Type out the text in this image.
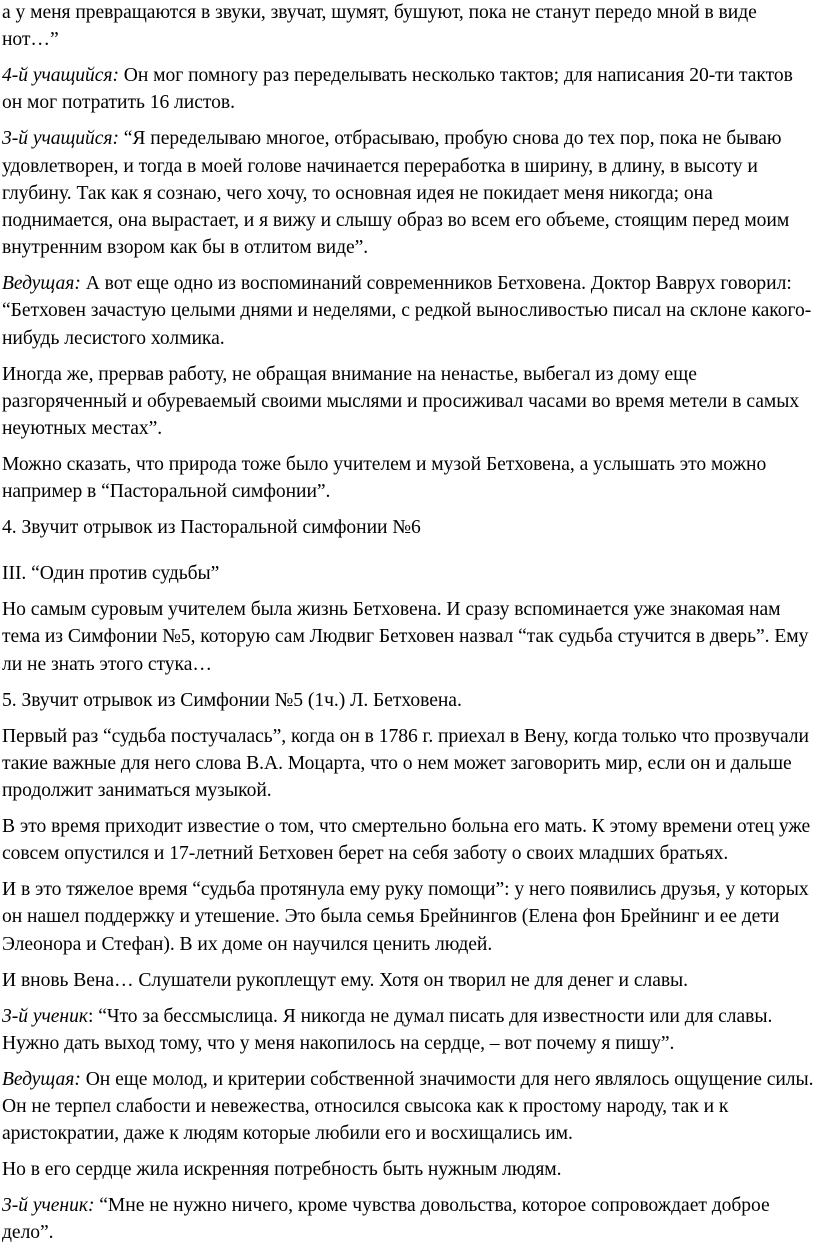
а у меня превращаются в звуки, звучат, шумят, бушуют, пока не станут передо мной в виде нот…”

4-й учащийся: Он мог помногу раз переделывать несколько тактов; для написания 20-ти тактов он мог потратить 16 листов.

3-й учащийся: “Я переделываю многое, отбрасываю, пробую снова до тех пор, пока не бываю удовлетворен, и тогда в моей голове начинается переработка в ширину, в длину, в высоту и глубину. Так как я сознаю, чего хочу, то основная идея не покидает меня никогда; она поднимается, она вырастает, и я вижу и слышу образ во всем его объеме, стоящим перед моим внутренним взором как бы в отлитом виде”.

Ведущая: А вот еще одно из воспоминаний современников Бетховена. Доктор Ваврух говорил: “Бетховен зачастую целыми днями и неделями, с редкой выносливостью писал на склоне какого-нибудь лесистого холмика.

Иногда же, прервав работу, не обращая внимание на ненастье, выбегал из дому еще разгоряченный и обуреваемый своими мыслями и просиживал часами во время метели в самых неуютных местах”.

Можно сказать, что природа тоже было учителем и музой Бетховена, а услышать это можно например в “Пасторальной симфонии”.

4. Звучит отрывок из Пасторальной симфонии №6

III. “Один против судьбы”

Но самым суровым учителем была жизнь Бетховена. И сразу вспоминается уже знакомая нам тема из Симфонии №5, которую сам Людвиг Бетховен назвал “так судьба стучится в дверь”. Ему ли не знать этого стука…

5. Звучит отрывок из Симфонии №5 (1ч.) Л. Бетховена.

Первый раз “судьба постучалась”, когда он в 1786 г. приехал в Вену, когда только что прозвучали такие важные для него слова В.А. Моцарта, что о нем может заговорить мир, если он и дальше продолжит заниматься музыкой.

В это время приходит известие о том, что смертельно больна его мать. К этому времени отец уже совсем опустился и 17-летний Бетховен берет на себя заботу о своих младших братьях.

И в это тяжелое время “судьба протянула ему руку помощи”: у него появились друзья, у которых он нашел поддержку и утешение. Это была семья Брейнингов (Елена фон Брейнинг и ее дети Элеонора и Стефан). В их доме он научился ценить людей.

И вновь Вена… Слушатели рукоплещут ему. Хотя он творил не для денег и славы.

3-й ученик: “Что за бессмыслица. Я никогда не думал писать для известности или для славы. Нужно дать выход тому, что у меня накопилось на сердце, – вот почему я пишу”.

Ведущая: Он еще молод, и критерии собственной значимости для него являлось ощущение силы. Он не терпел слабости и невежества, относился свысока как к простому народу, так и к аристократии, даже к людям которые любили его и восхищались им.

Но в его сердце жила искренняя потребность быть нужным людям.

3-й ученик: “Мне не нужно ничего, кроме чувства довольства, которое сопровождает доброе дело”.
